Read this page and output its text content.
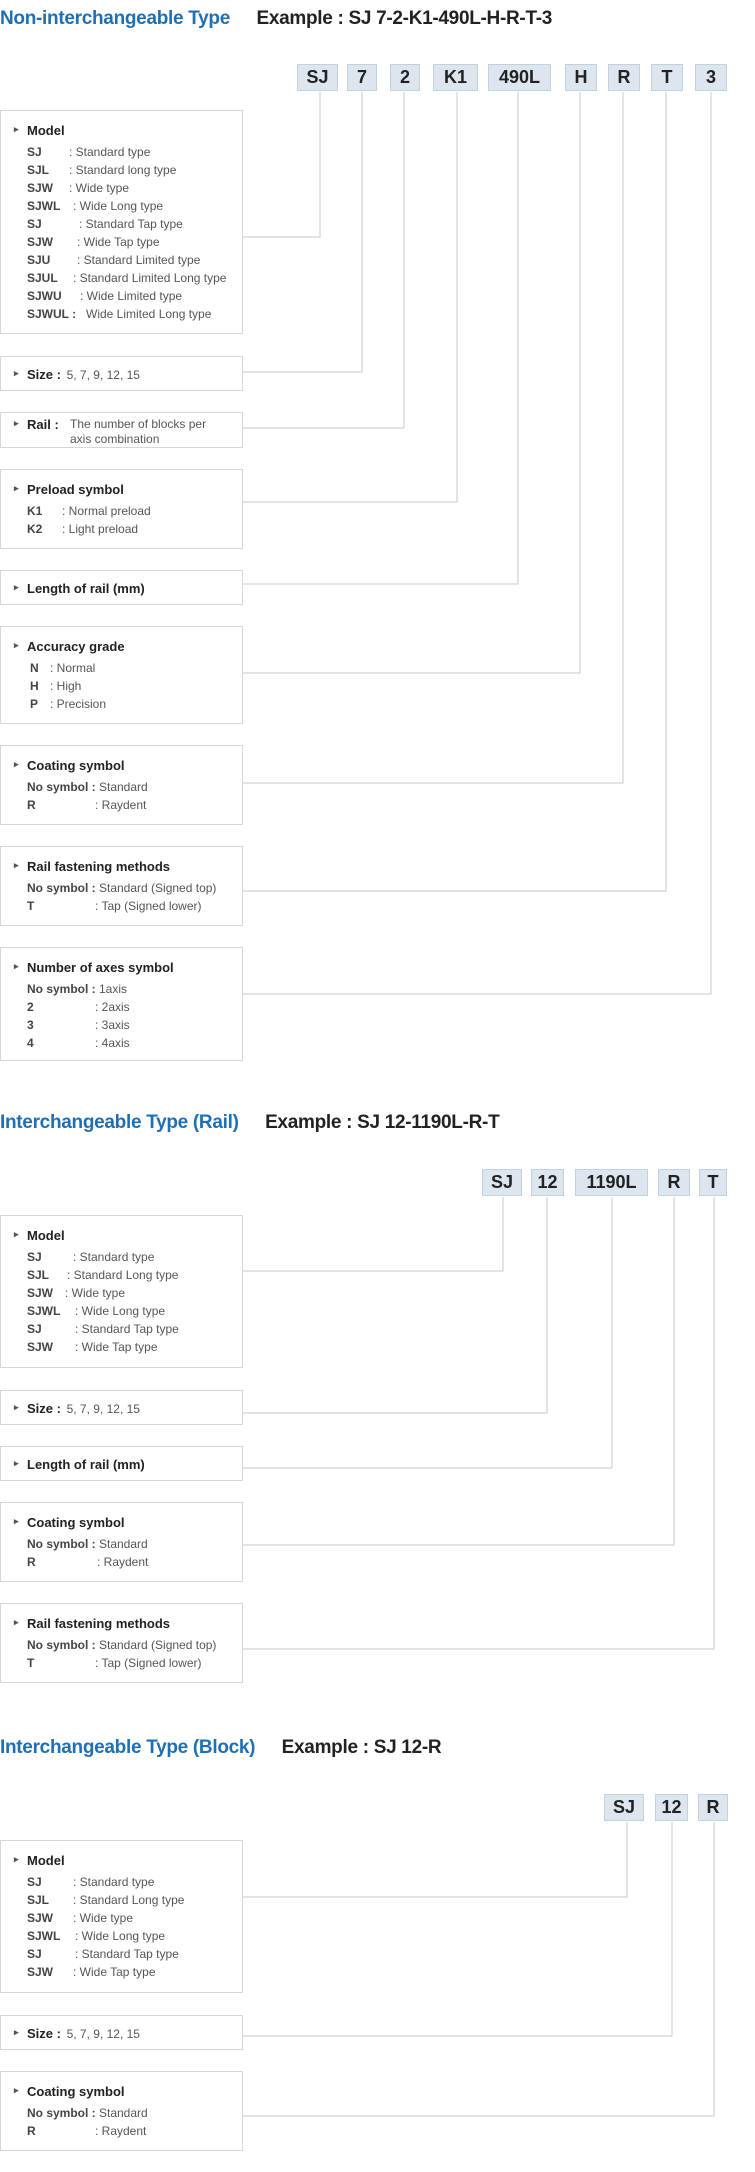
Non-interchangeable Type Example : SJ 7-2-K1-490L-H-R-T-3
SJ	7	2	K1	490L	H	R	T	3
▸ Model
SJ : Standard type
SJL : Standard long type
SJW : Wide type
SJWL : Wide Long type
SJ	: Standard Tap type
SJW : Wide Tap type
SJU : Standard Limited type
SJUL : Standard Limited Long type
SJWU : Wide Limited type
SJWUL : Wide Limited Long type
▸ Size : 5, 7, 9, 12, 15
▸ Rail : The number of blocks per axis combination
▸ Preload symbol
K1 : Normal preload
K2 : Light preload
▸ Length of rail (mm)
▸ Accuracy grade
N : Normal
H : High
P : Precision
▸ Coating symbol
No symbol : Standard
R	: Raydent
▸ Rail fastening methods
No symbol : Standard (Signed top)
T	: Tap (Signed lower)
▸ Number of axes symbol
No symbol : 1axis
2	: 2axis
3	: 3axis
4	: 4axis
Interchangeable Type (Rail) Example : SJ 12-1190L-R-T
SJ	12	1190L	R	T
▸ Model
SJ	: Standard type
SJL : Standard Long type
SJW : Wide type
SJWL : Wide Long type
SJ	: Standard Tap type
SJW : Wide Tap type
▸ Size : 5, 7, 9, 12, 15
▸ Length of rail (mm)
▸ Coating symbol
No symbol : Standard
R	: Raydent
▸ Rail fastening methods
No symbol : Standard (Signed top)
T	: Tap (Signed lower)
Interchangeable Type (Block) Example : SJ 12-R
SJ	12	R
▸ Model
SJ	: Standard type
SJL : Standard Long type
SJW : Wide type
SJWL : Wide Long type
SJ	: Standard Tap type
SJW : Wide Tap type
▸ Size : 5, 7, 9, 12, 15
▸ Coating symbol
No symbol : Standard
R	: Raydent
